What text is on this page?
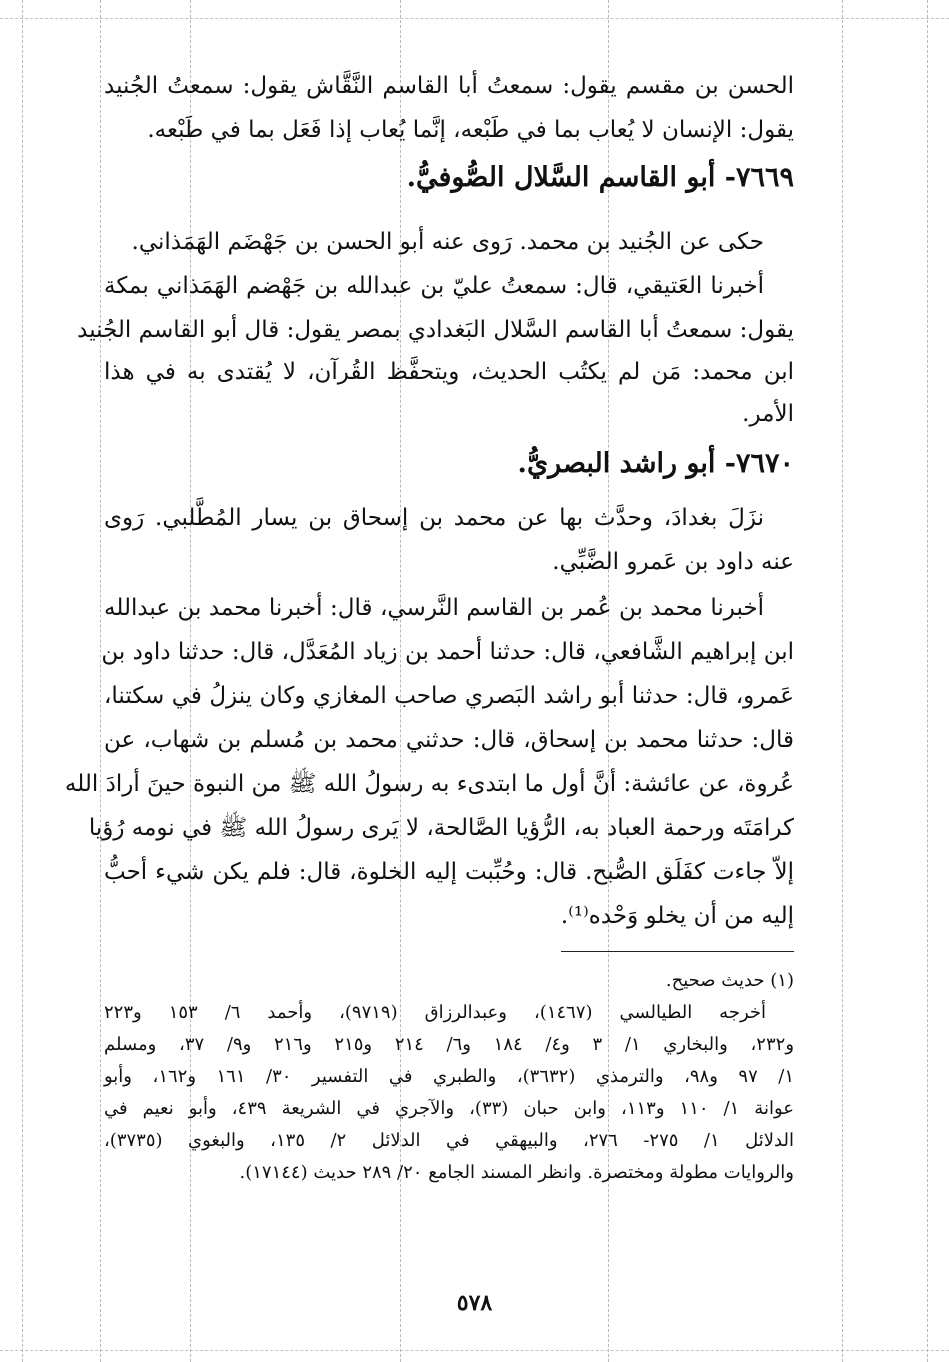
الحسن بن مقسم يقول: سمعتُ أبا القاسم النَّقَّاش يقول: سمعتُ الجُنيد
يقول: الإنسان لا يُعاب بما في طَبْعه، إنَّما يُعاب إذا فَعَل بما في طَبْعه.
٧٦٦٩- أبو القاسم السَّلال الصُّوفيُّ.
حكى عن الجُنيد بن محمد. رَوى عنه أبو الحسن بن جَهْضَم الهَمَذاني.
أخبرنا العَتيقي، قال: سمعتُ عليّ بن عبدالله بن جَهْضم الهَمَذاني بمكة
يقول: سمعتُ أبا القاسم السَّلال البَغدادي بمصر يقول: قال أبو القاسم الجُنيد
ابن محمد: مَن لم يكتُب الحديث، ويتحفَّظ القُرآن، لا يُقتدى به في هذا
الأمر.
٧٦٧٠- أبو راشد البصريُّ.
نزَلَ بغدادَ، وحدَّث بها عن محمد بن إسحاق بن يسار المُطَّلبي. رَوى
عنه داود بن عَمرو الضَّبِّي.
أخبرنا محمد بن عُمر بن القاسم النَّرسي، قال: أخبرنا محمد بن عبدالله
ابن إبراهيم الشَّافعي، قال: حدثنا أحمد بن زياد المُعَدَّل، قال: حدثنا داود بن
عَمرو، قال: حدثنا أبو راشد البَصري صاحب المغازي وكان ينزلُ في سكتنا،
قال: حدثنا محمد بن إسحاق، قال: حدثني محمد بن مُسلم بن شهاب، عن
عُروة، عن عائشة: أنَّ أول ما ابتدىء به رسولُ الله ﷺ من النبوة حينَ أرادَ الله
كرامَتَه ورحمة العباد به، الرُّؤيا الصَّالحة، لا يَرى رسولُ الله ﷺ في نومه رُؤيا
إلاّ جاءت كفَلَق الصُّبح. قال: وحُبِّبت إليه الخلوة، قال: فلم يكن شيء أحبُّ
إليه من أن يخلو وَحْده⁽¹⁾.
(١) حديث صحيح.
أخرجه الطيالسي (١٤٦٧)، وعبدالرزاق (٩٧١٩)، وأحمد ٦/ ١٥٣ و٢٢٣
و٢٣٢، والبخاري ١/ ٣ و٤/ ١٨٤ و٦/ ٢١٤ و٢١٥ و٢١٦ و٩/ ٣٧، ومسلم
١/ ٩٧ و٩٨، والترمذي (٣٦٣٢)، والطبري في التفسير ٣٠/ ١٦١ و١٦٢، وأبو
عوانة ١/ ١١٠ و١١٣، وابن حبان (٣٣)، والآجري في الشريعة ٤٣٩، وأبو نعيم في
الدلائل ١/ ٢٧٥- ٢٧٦، والبيهقي في الدلائل ٢/ ١٣٥، والبغوي (٣٧٣٥)،
والروايات مطولة ومختصرة. وانظر المسند الجامع ٢٠/ ٢٨٩ حديث (١٧١٤٤).
٥٧٨
